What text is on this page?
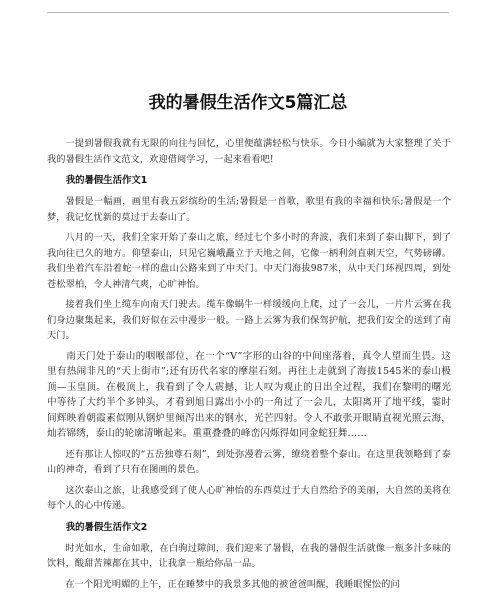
我的暑假生活作文5篇汇总

一提到暑假我就有无限的向往与回忆，心里便蕴满轻松与快乐。今日小编就为大家整理了关于我的暑假生活作文范文，欢迎借阅学习，一起来看看吧!

我的暑假生活作文1

暑假是一幅画，画里有我五彩缤纷的生活;暑假是一首歌，歌里有我的幸福和快乐;暑假是一个梦，我记忆忧新的莫过于去泰山了。

八月的一天，我们全家开始了泰山之旅，经过七个多小时的奔波，我们来到了泰山脚下，到了我向往已久的地方。仰望泰山，只见它巍峨矗立于天地之间，它像一柄利剑直刺天空，气势磅礴。我们坐着汽车沿着蛇一样的盘山公路来到了中天门。中天门海拔987米，从中天门环视四周，到处苍松翠柏，令人神清气爽，心旷神怡。

接着我们坐上缆车向南天门驶去。缆车像蜗牛一样缓缓向上爬，过了一会儿，一片片云雾在我们身边聚集起来，我们好似在云中漫步一般。一路上云雾为我们保驾护航，把我们安全的送到了南天门。

南天门处于泰山的咽喉部位，在一个“V”字形的山谷的中间座落着，真令人望而生畏。这里有热闹非凡的“天上街市”;还有历代名家的摩崖石刻。再往上走就到了海拔1545米的泰山极顶—玉皇顶。在极顶上，我看到了令人震撼，让人叹为观止的日出全过程，我们在黎明的曙光中等待了大约半个多钟头，才看到旭日露出小小的一角过了一会儿，太阳离开了地平线，霎时间辉映着朝霞素似刚从钢炉里倾泻出来的钢水，光芒四射。令人不敢张开眼睛直视光照云海，灿若锦绣，泰山的轮廓清晰起来。重重叠叠的峰峦闪烁得如同金蛇狂舞……

还有那让人惊叹的“五岳独尊石刻”，到处弥漫着云雾，缭绕着整个泰山。在这里我领略到了泰山的神奇，看到了只有在图画的景色。

这次泰山之旅，让我感受到了使人心旷神怡的东西莫过于大自然给予的美丽，大自然的美将在每个人的心中传递。

我的暑假生活作文2

时光如水，生命如歌，在白驹过隙间，我们迎来了暑假，在我的暑假生活就像一瓶多汁多味的饮料，酸甜苦辣都在其中，让我拿一瓶给你品一品。

在一个阳光明媚的上午，正在睡梦中的我景多其他的被爸爸叫醒，我睡眼惺忪的问
